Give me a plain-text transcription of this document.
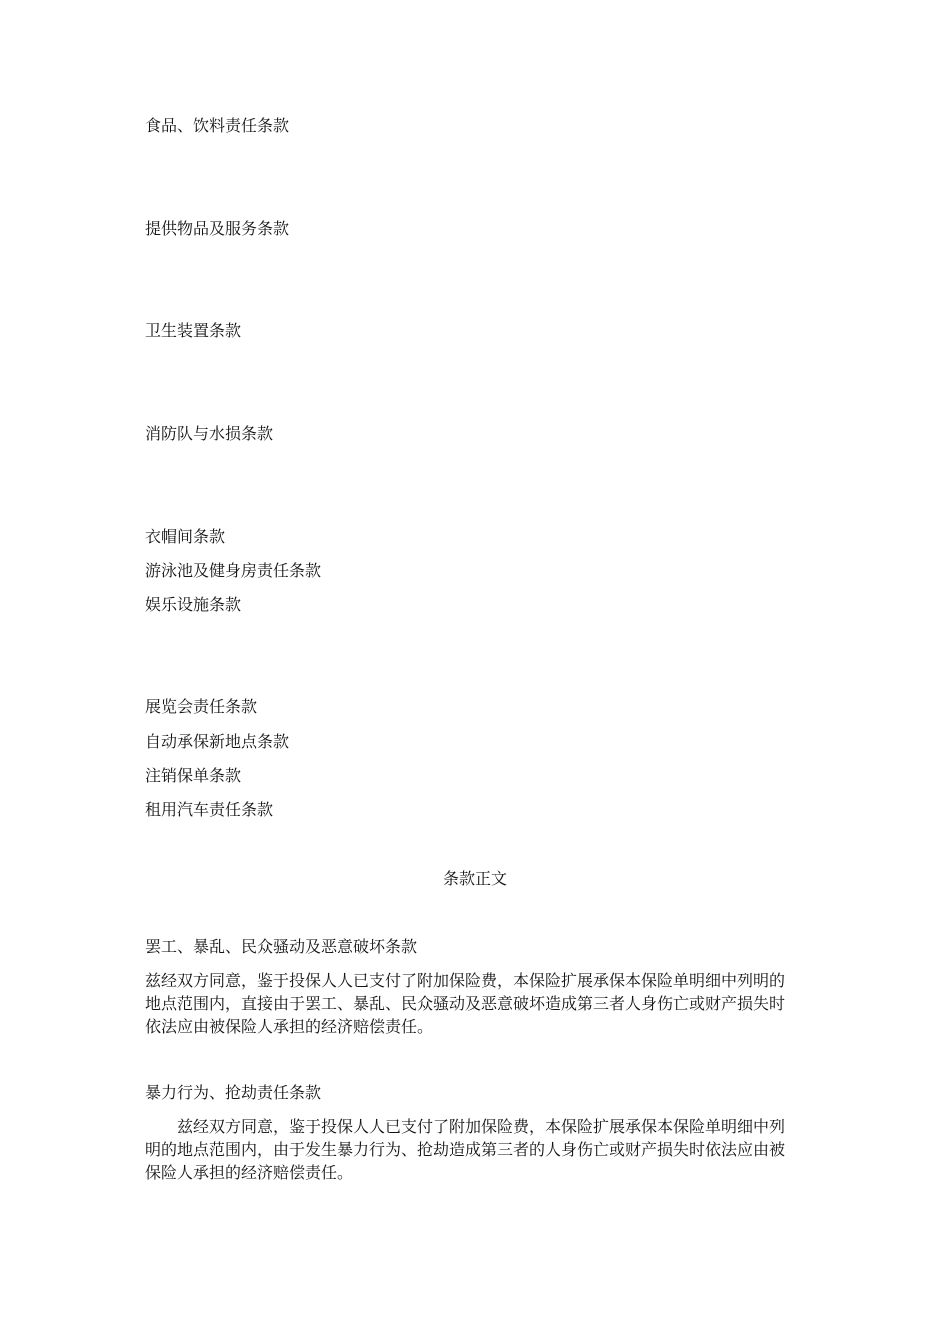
食品、饮料责任条款
提供物品及服务条款
卫生装置条款
消防队与水损条款
衣帽间条款
游泳池及健身房责任条款
娱乐设施条款
展览会责任条款
自动承保新地点条款
注销保单条款
租用汽车责任条款
条款正文
罢工、暴乱、民众骚动及恶意破坏条款
兹经双方同意，鉴于投保人人已支付了附加保险费，本保险扩展承保本保险单明细中列明的
地点范围内，直接由于罢工、暴乱、民众骚动及恶意破坏造成第三者人身伤亡或财产损失时
依法应由被保险人承担的经济赔偿责任。
暴力行为、抢劫责任条款
兹经双方同意，鉴于投保人人已支付了附加保险费，本保险扩展承保本保险单明细中列
明的地点范围内，由于发生暴力行为、抢劫造成第三者的人身伤亡或财产损失时依法应由被
保险人承担的经济赔偿责任。
